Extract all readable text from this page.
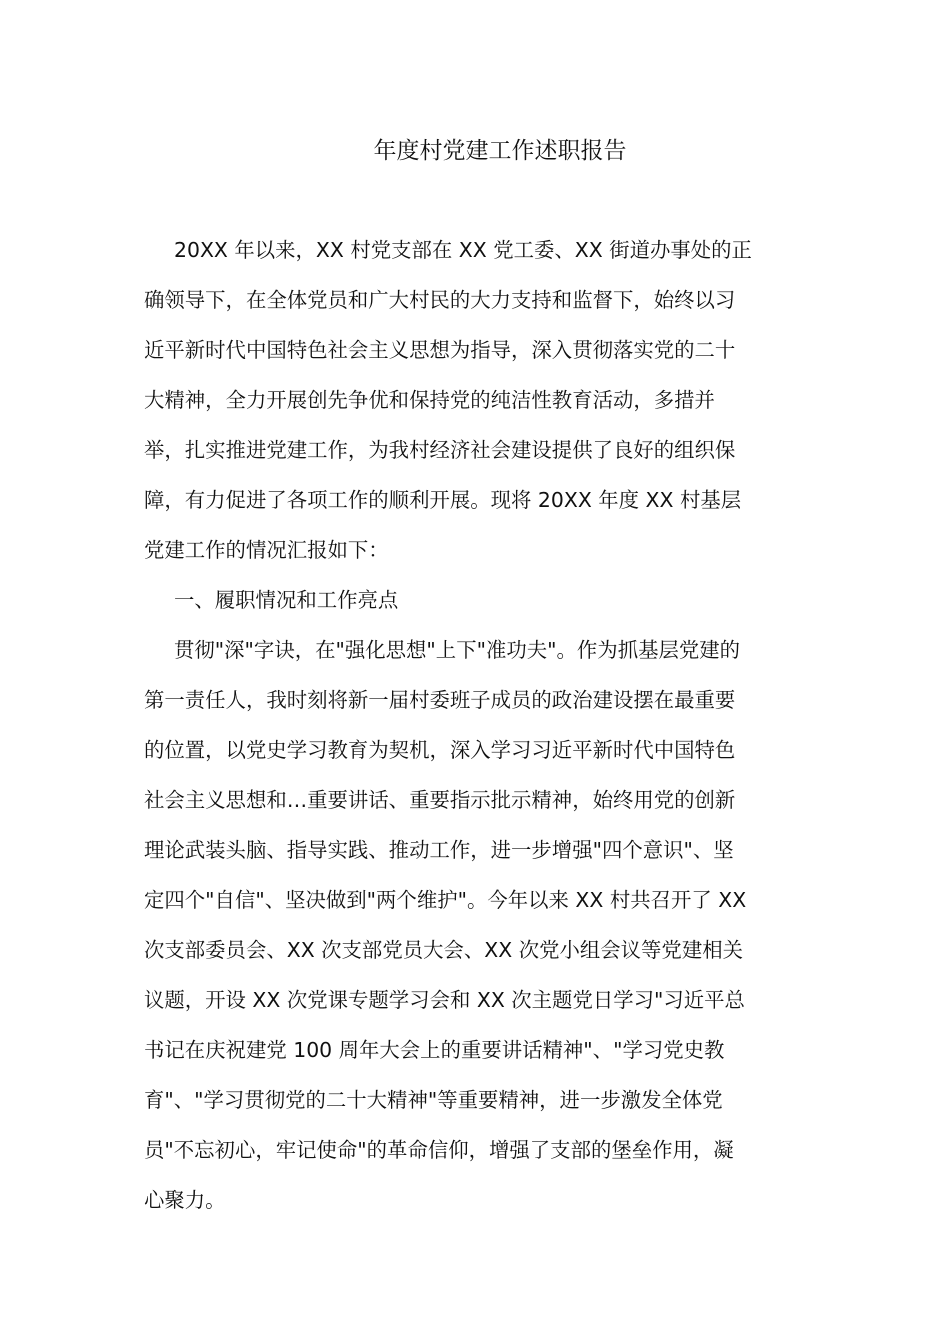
年度村党建工作述职报告
20XX 年以来，XX 村党支部在 XX 党工委、XX 街道办事处的正
确领导下，在全体党员和广大村民的大力支持和监督下，始终以习
近平新时代中国特色社会主义思想为指导，深入贯彻落实党的二十
大精神，全力开展创先争优和保持党的纯洁性教育活动，多措并
举，扎实推进党建工作，为我村经济社会建设提供了良好的组织保
障，有力促进了各项工作的顺利开展。现将 20XX 年度 XX 村基层
党建工作的情况汇报如下：
一、履职情况和工作亮点
贯彻"深"字诀，在"强化思想"上下"准功夫"。作为抓基层党建的
第一责任人，我时刻将新一届村委班子成员的政治建设摆在最重要
的位置，以党史学习教育为契机，深入学习习近平新时代中国特色
社会主义思想和…重要讲话、重要指示批示精神，始终用党的创新
理论武装头脑、指导实践、推动工作，进一步增强"四个意识"、坚
定四个"自信"、坚决做到"两个维护"。今年以来 XX 村共召开了 XX
次支部委员会、XX 次支部党员大会、XX 次党小组会议等党建相关
议题，开设 XX 次党课专题学习会和 XX 次主题党日学习"习近平总
书记在庆祝建党 100 周年大会上的重要讲话精神"、"学习党史教
育"、"学习贯彻党的二十大精神"等重要精神，进一步激发全体党
员"不忘初心，牢记使命"的革命信仰，增强了支部的堡垒作用，凝
心聚力。
